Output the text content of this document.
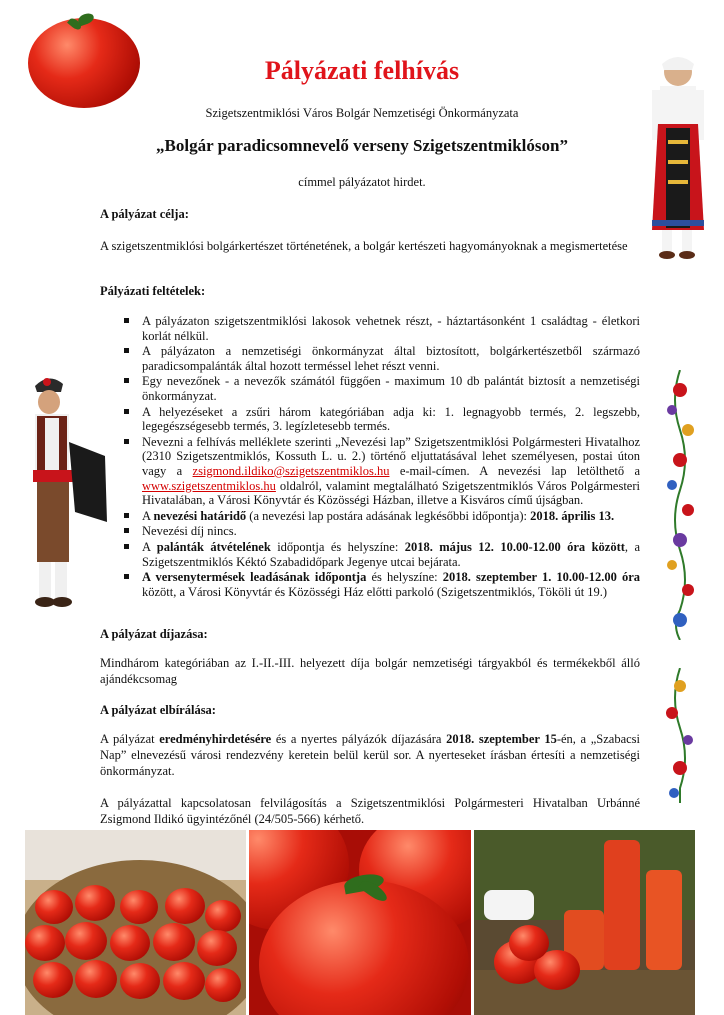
Pályázati felhívás
Szigetszentmiklósi Város Bolgár Nemzetiségi Önkormányzata
„Bolgár paradicsomnevelő verseny Szigetszentmiklóson”
címmel pályázatot hirdet.
A pályázat célja:
A szigetszentmiklósi bolgárkertészet történetének, a bolgár kertészeti hagyományoknak a megismertetése
Pályázati feltételek:
A pályázaton szigetszentmiklósi lakosok vehetnek részt, - háztartásonként 1 családtag - életkori korlát nélkül.
A pályázaton a nemzetiségi önkormányzat által biztosított, bolgárkertészetből származó paradicsompalánták által hozott terméssel lehet részt venni.
Egy nevezőnek - a nevezők számától függően - maximum 10 db palántát biztosít a nemzetiségi önkormányzat.
A helyezéseket a zsűri három kategóriában adja ki: 1. legnagyobb termés, 2. legszebb, legegészségesebb termés, 3. legízletesebb termés.
Nevezni a felhívás melléklete szerinti „Nevezési lap” Szigetszentmiklósi Polgármesteri Hivatalhoz (2310 Szigetszentmiklós, Kossuth L. u. 2.) történő eljuttatásával lehet személyesen, postai úton vagy a zsigmond.ildiko@szigetszentmiklos.hu e-mail-címen. A nevezési lap letölthető a www.szigetszentmiklos.hu oldalról, valamint megtalálható Szigetszentmiklós Város Polgármesteri Hivatalában, a Városi Könyvtár és Közösségi Házban, illetve a Kisváros című újságban.
A nevezési határidő (a nevezési lap postára adásának legkésőbbi időpontja): 2018. április 13.
Nevezési díj nincs.
A palánták átvételének időpontja és helyszíne: 2018. május 12. 10.00-12.00 óra között, a Szigetszentmiklós Kéktó Szabadidőpark Jegenye utcai bejárata.
A versenytermések leadásának időpontja és helyszíne: 2018. szeptember 1. 10.00-12.00 óra között, a Városi Könyvtár és Közösségi Ház előtti parkoló (Szigetszentmiklós, Tököli út 19.)
A pályázat díjazása:
Mindhárom kategóriában az I.-II.-III. helyezett díja bolgár nemzetiségi tárgyakból és termékekből álló ajándékcsomag
A pályázat elbírálása:
A pályázat eredményhirdetésére és a nyertes pályázók díjazására 2018. szeptember 15-én, a „Szabacsi Nap” elnevezésű városi rendezvény keretein belül kerül sor. A nyerteseket írásban értesíti a nemzetiségi önkormányzat.
A pályázattal kapcsolatosan felvilágosítás a Szigetszentmiklósi Polgármesteri Hivatalban Urbánné Zsigmond Ildikó ügyintézőnél (24/505-566) kérhető.
